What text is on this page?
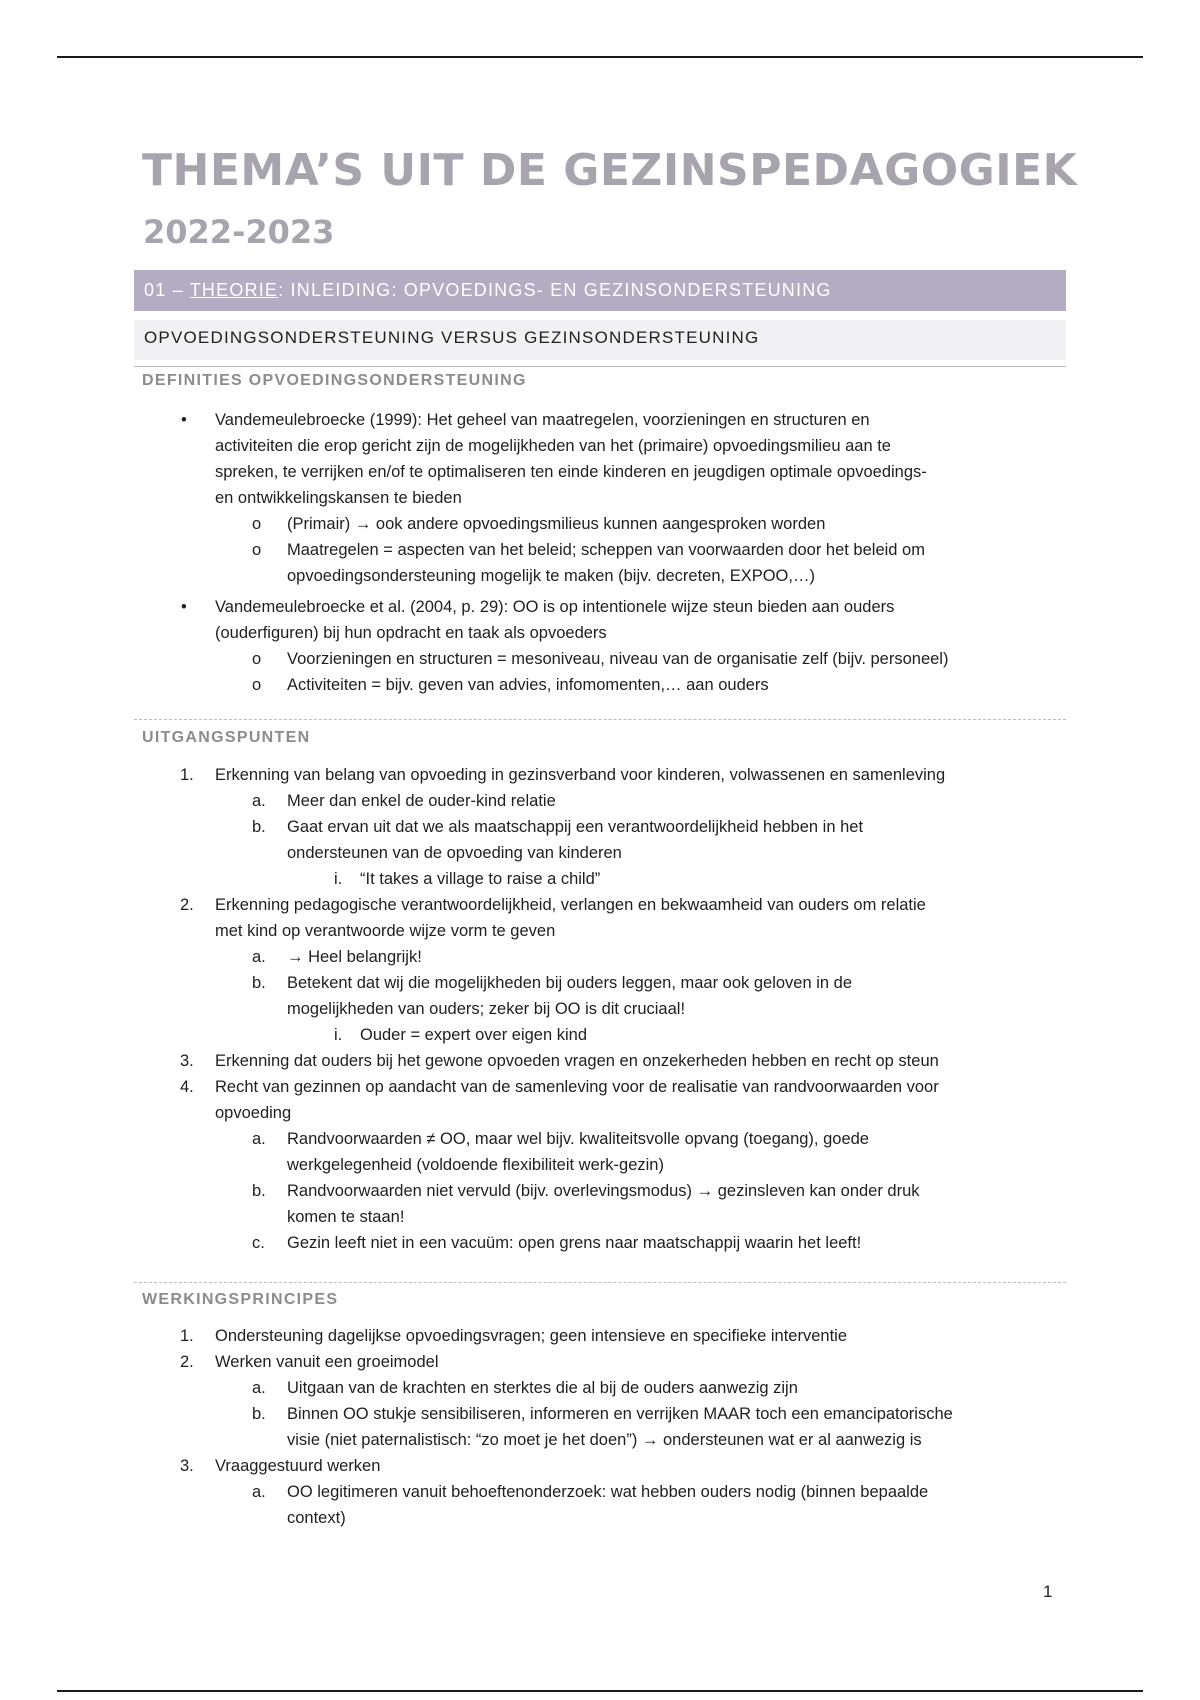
THEMA’S UIT DE GEZINSPEDAGOGIEK
2022-2023
01 – THEORIE: INLEIDING: OPVOEDINGS- EN GEZINSONDERSTEUNING
OPVOEDINGSONDERSTEUNING VERSUS GEZINSONDERSTEUNING
DEFINITIES OPVOEDINGSONDERSTEUNING
• Vandemeulebroecke (1999): Het geheel van maatregelen, voorzieningen en structuren en
activiteiten die erop gericht zijn de mogelijkheden van het (primaire) opvoedingsmilieu aan te
spreken, te verrijken en/of te optimaliseren ten einde kinderen en jeugdigen optimale opvoedings-
en ontwikkelingskansen te bieden
o (Primair) → ook andere opvoedingsmilieus kunnen aangesproken worden
o Maatregelen = aspecten van het beleid; scheppen van voorwaarden door het beleid om
opvoedingsondersteuning mogelijk te maken (bijv. decreten, EXPOO,…)
• Vandemeulebroecke et al. (2004, p. 29): OO is op intentionele wijze steun bieden aan ouders
(ouderfiguren) bij hun opdracht en taak als opvoeders
o Voorzieningen en structuren = mesoniveau, niveau van de organisatie zelf (bijv. personeel)
o Activiteiten = bijv. geven van advies, infomomenten,… aan ouders
UITGANGSPUNTEN
1. Erkenning van belang van opvoeding in gezinsverband voor kinderen, volwassenen en samenleving
a. Meer dan enkel de ouder-kind relatie
b. Gaat ervan uit dat we als maatschappij een verantwoordelijkheid hebben in het
ondersteunen van de opvoeding van kinderen
i. “It takes a village to raise a child”
2. Erkenning pedagogische verantwoordelijkheid, verlangen en bekwaamheid van ouders om relatie
met kind op verantwoorde wijze vorm te geven
a. → Heel belangrijk!
b. Betekent dat wij die mogelijkheden bij ouders leggen, maar ook geloven in de
mogelijkheden van ouders; zeker bij OO is dit cruciaal!
i. Ouder = expert over eigen kind
3. Erkenning dat ouders bij het gewone opvoeden vragen en onzekerheden hebben en recht op steun
4. Recht van gezinnen op aandacht van de samenleving voor de realisatie van randvoorwaarden voor
opvoeding
a. Randvoorwaarden ≠ OO, maar wel bijv. kwaliteitsvolle opvang (toegang), goede
werkgelegenheid (voldoende flexibiliteit werk-gezin)
b. Randvoorwaarden niet vervuld (bijv. overlevingsmodus) → gezinsleven kan onder druk
komen te staan!
c. Gezin leeft niet in een vacuüm: open grens naar maatschappij waarin het leeft!
WERKINGSPRINCIPES
1. Ondersteuning dagelijkse opvoedingsvragen; geen intensieve en specifieke interventie
2. Werken vanuit een groeimodel
a. Uitgaan van de krachten en sterktes die al bij de ouders aanwezig zijn
b. Binnen OO stukje sensibiliseren, informeren en verrijken MAAR toch een emancipatorische
visie (niet paternalistisch: “zo moet je het doen”) → ondersteunen wat er al aanwezig is
3. Vraaggestuurd werken
a. OO legitimeren vanuit behoeftenonderzoek: wat hebben ouders nodig (binnen bepaalde
context)
1
